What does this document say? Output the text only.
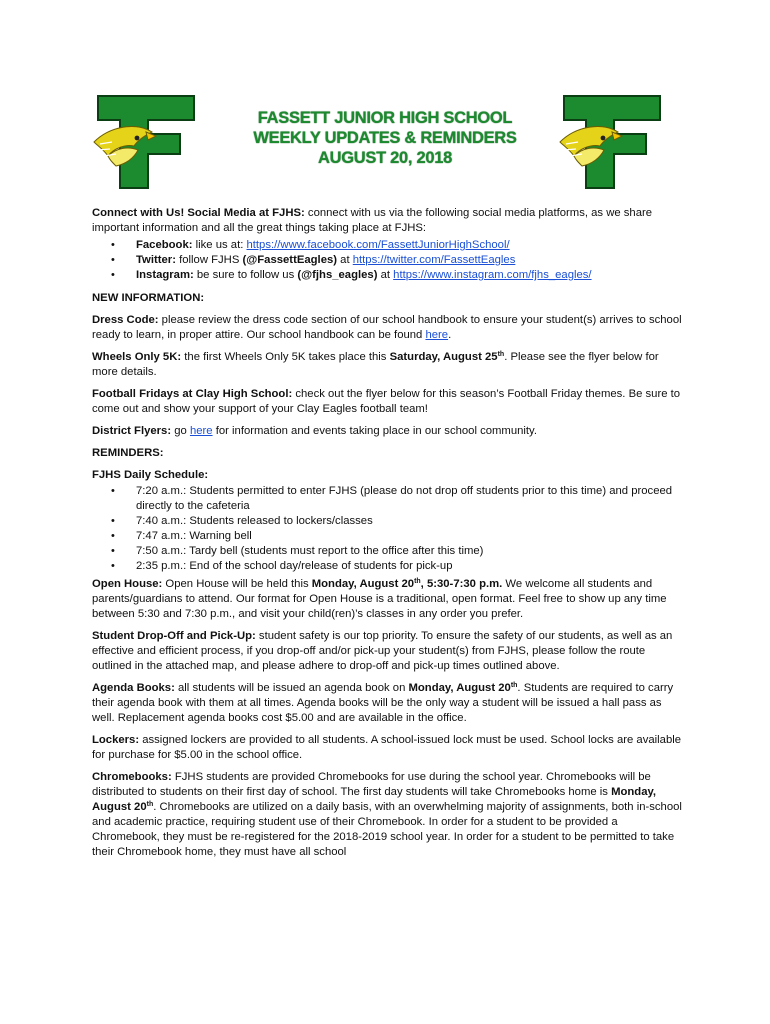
FASSETT JUNIOR HIGH SCHOOL
WEEKLY UPDATES & REMINDERS
AUGUST 20, 2018

Connect with Us! Social Media at FJHS: connect with us via the following social media platforms, as we share important information and all the great things taking place at FJHS:

• Facebook: like us at: https://www.facebook.com/FassettJuniorHighSchool/
• Twitter: follow FJHS (@FassettEagles) at https://twitter.com/FassettEagles
• Instagram: be sure to follow us (@fjhs_eagles) at https://www.instagram.com/fjhs_eagles/
NEW INFORMATION:

Dress Code: please review the dress code section of our school handbook to ensure your student(s) arrives to school ready to learn, in proper attire. Our school handbook can be found here.

Wheels Only 5K: the first Wheels Only 5K takes place this Saturday, August 25th. Please see the flyer below for more details.

Football Fridays at Clay High School: check out the flyer below for this season’s Football Friday themes. Be sure to come out and show your support of your Clay Eagles football team!

District Flyers: go here for information and events taking place in our school community.

REMINDERS:

FJHS Daily Schedule:

• 7:20 a.m.: Students permitted to enter FJHS (please do not drop off students prior to this time) and proceed directly to the cafeteria
• 7:40 a.m.: Students released to lockers/classes
• 7:47 a.m.: Warning bell
• 7:50 a.m.: Tardy bell (students must report to the office after this time)
• 2:35 p.m.: End of the school day/release of students for pick-up

Open House: Open House will be held this Monday, August 20th, 5:30-7:30 p.m. We welcome all students and parents/guardians to attend. Our format for Open House is a traditional, open format. Feel free to show up any time between 5:30 and 7:30 p.m., and visit your child(ren)’s classes in any order you prefer.

Student Drop-Off and Pick-Up: student safety is our top priority. To ensure the safety of our students, as well as an effective and efficient process, if you drop-off and/or pick-up your student(s) from FJHS, please follow the route outlined in the attached map, and please adhere to drop-off and pick-up times outlined above.

Agenda Books: all students will be issued an agenda book on Monday, August 20th. Students are required to carry their agenda book with them at all times. Agenda books will be the only way a student will be issued a hall pass as well. Replacement agenda books cost $5.00 and are available in the office.

Lockers: assigned lockers are provided to all students. A school-issued lock must be used. School locks are available for purchase for $5.00 in the school office.

Chromebooks: FJHS students are provided Chromebooks for use during the school year. Chromebooks will be distributed to students on their first day of school. The first day students will take Chromebooks home is Monday, August 20th. Chromebooks are utilized on a daily basis, with an overwhelming majority of assignments, both in-school and academic practice, requiring student use of their Chromebook. In order for a student to be provided a Chromebook, they must be re-registered for the 2018-2019 school year. In order for a student to be permitted to take their Chromebook home, they must have all school
